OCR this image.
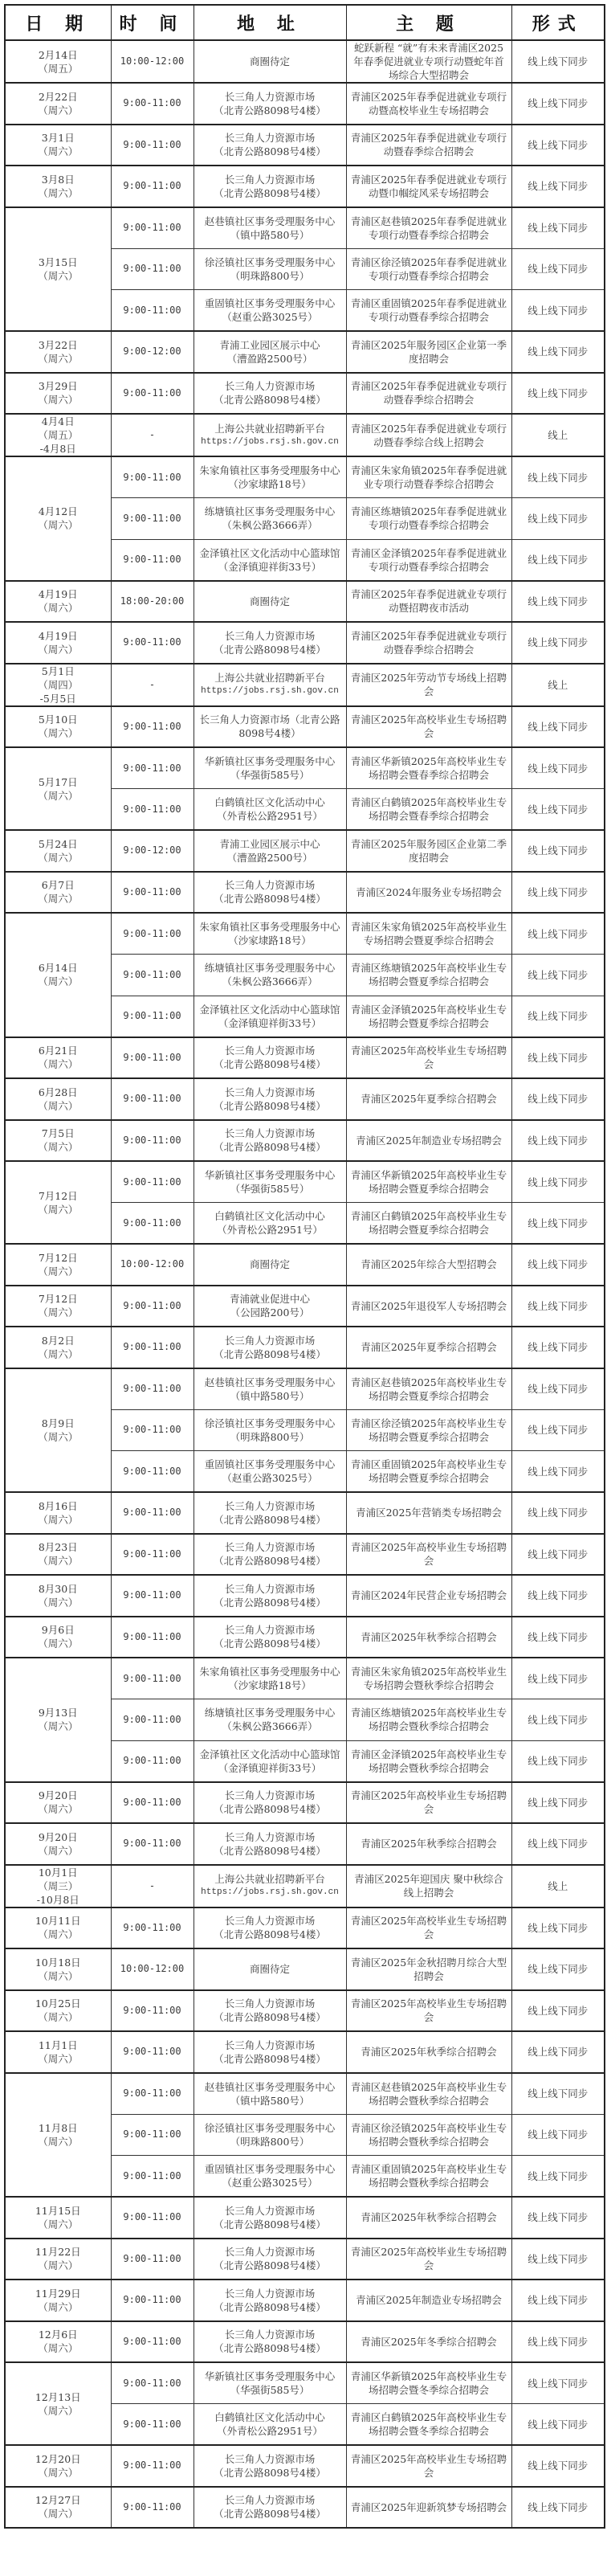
日 期	时 间	地 址	主 题	形式

2月14日
（周五）	10:00-12:00	商圈待定	蛇跃新程 “就”有未来青浦区2025年春季促进就业专项行动暨蛇年首场综合大型招聘会	线上线下同步

2月22日
（周六）	9:00-11:00	长三角人力资源市场
（北青公路8098号4楼）	青浦区2025年春季促进就业专项行动暨高校毕业生专场招聘会	线上线下同步

3月1日
（周六）	9:00-11:00	长三角人力资源市场
（北青公路8098号4楼）	青浦区2025年春季促进就业专项行动暨春季综合招聘会	线上线下同步

3月8日
（周六）	9:00-11:00	长三角人力资源市场
（北青公路8098号4楼）	青浦区2025年春季促进就业专项行动暨巾帼绽风采专场招聘会	线上线下同步

3月15日
（周六）	9:00-11:00	赵巷镇社区事务受理服务中心
（镇中路580号）	青浦区赵巷镇2025年春季促进就业专项行动暨春季综合招聘会	线上线下同步
	9:00-11:00	徐泾镇社区事务受理服务中心
（明珠路800号）	青浦区徐泾镇2025年春季促进就业专项行动暨春季综合招聘会	线上线下同步
	9:00-11:00	重固镇社区事务受理服务中心
（赵重公路3025号）	青浦区重固镇2025年春季促进就业专项行动暨春季综合招聘会	线上线下同步

3月22日
（周六）	9:00-12:00	青浦工业园区展示中心
（漕盈路2500号）	青浦区2025年服务园区企业第一季度招聘会	线上线下同步

3月29日
（周六）	9:00-11:00	长三角人力资源市场
（北青公路8098号4楼）	青浦区2025年春季促进就业专项行动暨春季综合招聘会	线上线下同步

4月4日
（周五）
-4月8日	-	上海公共就业招聘新平台
https://jobs.rsj.sh.gov.cn	青浦区2025年春季促进就业专项行动暨春季综合线上招聘会	线上

4月12日
（周六）	9:00-11:00	朱家角镇社区事务受理服务中心
（沙家埭路18号）	青浦区朱家角镇2025年春季促进就业专项行动暨春季综合招聘会	线上线下同步
	9:00-11:00	练塘镇社区事务受理服务中心
（朱枫公路3666弄）	青浦区练塘镇2025年春季促进就业专项行动暨春季综合招聘会	线上线下同步
	9:00-11:00	金泽镇社区文化活动中心篮球馆
（金泽镇迎祥街33号）	青浦区金泽镇2025年春季促进就业专项行动暨春季综合招聘会	线上线下同步

4月19日
（周六）	18:00-20:00	商圈待定	青浦区2025年春季促进就业专项行动暨招聘夜市活动	线上线下同步

4月19日
（周六）	9:00-11:00	长三角人力资源市场
（北青公路8098号4楼）	青浦区2025年春季促进就业专项行动暨春季综合招聘会	线上线下同步

5月1日
（周四）
-5月5日	-	上海公共就业招聘新平台
https://jobs.rsj.sh.gov.cn	青浦区2025年劳动节专场线上招聘会	线上

5月10日
（周六）	9:00-11:00	长三角人力资源市场（北青公路8098号4楼）	青浦区2025年高校毕业生专场招聘会	线上线下同步

5月17日
（周六）	9:00-11:00	华新镇社区事务受理服务中心
（华强街585号）	青浦区华新镇2025年高校毕业生专场招聘会暨春季综合招聘会	线上线下同步
	9:00-11:00	白鹤镇社区文化活动中心
（外青松公路2951号）	青浦区白鹤镇2025年高校毕业生专场招聘会暨春季综合招聘会	线上线下同步

5月24日
（周六）	9:00-12:00	青浦工业园区展示中心
（漕盈路2500号）	青浦区2025年服务园区企业第二季度招聘会	线上线下同步

6月7日
（周六）	9:00-11:00	长三角人力资源市场
（北青公路8098号4楼）	青浦区2024年服务业专场招聘会	线上线下同步

6月14日
（周六）	9:00-11:00	朱家角镇社区事务受理服务中心
（沙家埭路18号）	青浦区朱家角镇2025年高校毕业生专场招聘会暨夏季综合招聘会	线上线下同步
	9:00-11:00	练塘镇社区事务受理服务中心
（朱枫公路3666弄）	青浦区练塘镇2025年高校毕业生专场招聘会暨夏季综合招聘会	线上线下同步
	9:00-11:00	金泽镇社区文化活动中心篮球馆
（金泽镇迎祥街33号）	青浦区金泽镇2025年高校毕业生专场招聘会暨夏季综合招聘会	线上线下同步

6月21日
（周六）	9:00-11:00	长三角人力资源市场
（北青公路8098号4楼）	青浦区2025年高校毕业生专场招聘会	线上线下同步

6月28日
（周六）	9:00-11:00	长三角人力资源市场
（北青公路8098号4楼）	青浦区2025年夏季综合招聘会	线上线下同步

7月5日
（周六）	9:00-11:00	长三角人力资源市场
（北青公路8098号4楼）	青浦区2025年制造业专场招聘会	线上线下同步

7月12日
（周六）	9:00-11:00	华新镇社区事务受理服务中心
（华强街585号）	青浦区华新镇2025年高校毕业生专场招聘会暨夏季综合招聘会	线上线下同步
	9:00-11:00	白鹤镇社区文化活动中心
（外青松公路2951号）	青浦区白鹤镇2025年高校毕业生专场招聘会暨夏季综合招聘会	线上线下同步

7月12日
（周六）	10:00-12:00	商圈待定	青浦区2025年综合大型招聘会	线上线下同步

7月12日
（周六）	9:00-11:00	青浦就业促进中心
（公园路200号）	青浦区2025年退役军人专场招聘会	线上线下同步

8月2日
（周六）	9:00-11:00	长三角人力资源市场
（北青公路8098号4楼）	青浦区2025年夏季综合招聘会	线上线下同步

8月9日
（周六）	9:00-11:00	赵巷镇社区事务受理服务中心
（镇中路580号）	青浦区赵巷镇2025年高校毕业生专场招聘会暨夏季综合招聘会	线上线下同步
	9:00-11:00	徐泾镇社区事务受理服务中心
（明珠路800号）	青浦区徐泾镇2025年高校毕业生专场招聘会暨夏季综合招聘会	线上线下同步
	9:00-11:00	重固镇社区事务受理服务中心
（赵重公路3025号）	青浦区重固镇2025年高校毕业生专场招聘会暨夏季综合招聘会	线上线下同步

8月16日
（周六）	9:00-11:00	长三角人力资源市场
（北青公路8098号4楼）	青浦区2025年营销类专场招聘会	线上线下同步

8月23日
（周六）	9:00-11:00	长三角人力资源市场
（北青公路8098号4楼）	青浦区2025年高校毕业生专场招聘会	线上线下同步

8月30日
（周六）	9:00-11:00	长三角人力资源市场
（北青公路8098号4楼）	青浦区2024年民营企业专场招聘会	线上线下同步

9月6日
（周六）	9:00-11:00	长三角人力资源市场
（北青公路8098号4楼）	青浦区2025年秋季综合招聘会	线上线下同步

9月13日
（周六）	9:00-11:00	朱家角镇社区事务受理服务中心
（沙家埭路18号）	青浦区朱家角镇2025年高校毕业生专场招聘会暨秋季综合招聘会	线上线下同步
	9:00-11:00	练塘镇社区事务受理服务中心
（朱枫公路3666弄）	青浦区练塘镇2025年高校毕业生专场招聘会暨秋季综合招聘会	线上线下同步
	9:00-11:00	金泽镇社区文化活动中心篮球馆
（金泽镇迎祥街33号）	青浦区金泽镇2025年高校毕业生专场招聘会暨秋季综合招聘会	线上线下同步

9月20日
（周六）	9:00-11:00	长三角人力资源市场
（北青公路8098号4楼）	青浦区2025年高校毕业生专场招聘会	线上线下同步

9月20日
（周六）	9:00-11:00	长三角人力资源市场
（北青公路8098号4楼）	青浦区2025年秋季综合招聘会	线上线下同步

10月1日
（周三）
-10月8日	-	上海公共就业招聘新平台
https://jobs.rsj.sh.gov.cn	青浦区2025年迎国庆 聚中秋综合线上招聘会	线上

10月11日
（周六）	9:00-11:00	长三角人力资源市场
（北青公路8098号4楼）	青浦区2025年高校毕业生专场招聘会	线上线下同步

10月18日
（周六）	10:00-12:00	商圈待定	青浦区2025年金秋招聘月综合大型招聘会	线上线下同步

10月25日
（周六）	9:00-11:00	长三角人力资源市场
（北青公路8098号4楼）	青浦区2025年高校毕业生专场招聘会	线上线下同步

11月1日
（周六）	9:00-11:00	长三角人力资源市场
（北青公路8098号4楼）	青浦区2025年秋季综合招聘会	线上线下同步

11月8日
（周六）	9:00-11:00	赵巷镇社区事务受理服务中心
（镇中路580号）	青浦区赵巷镇2025年高校毕业生专场招聘会暨秋季综合招聘会	线上线下同步
	9:00-11:00	徐泾镇社区事务受理服务中心
（明珠路800号）	青浦区徐泾镇2025年高校毕业生专场招聘会暨秋季综合招聘会	线上线下同步
	9:00-11:00	重固镇社区事务受理服务中心
（赵重公路3025号）	青浦区重固镇2025年高校毕业生专场招聘会暨秋季综合招聘会	线上线下同步

11月15日
（周六）	9:00-11:00	长三角人力资源市场
（北青公路8098号4楼）	青浦区2025年秋季综合招聘会	线上线下同步

11月22日
（周六）	9:00-11:00	长三角人力资源市场
（北青公路8098号4楼）	青浦区2025年高校毕业生专场招聘会	线上线下同步

11月29日
（周六）	9:00-11:00	长三角人力资源市场
（北青公路8098号4楼）	青浦区2025年制造业专场招聘会	线上线下同步

12月6日
（周六）	9:00-11:00	长三角人力资源市场
（北青公路8098号4楼）	青浦区2025年冬季综合招聘会	线上线下同步

12月13日
（周六）	9:00-11:00	华新镇社区事务受理服务中心
（华强街585号）	青浦区华新镇2025年高校毕业生专场招聘会暨冬季综合招聘会	线上线下同步
	9:00-11:00	白鹤镇社区文化活动中心
（外青松公路2951号）	青浦区白鹤镇2025年高校毕业生专场招聘会暨冬季综合招聘会	线上线下同步

12月20日
（周六）	9:00-11:00	长三角人力资源市场
（北青公路8098号4楼）	青浦区2025年高校毕业生专场招聘会	线上线下同步

12月27日
（周六）	9:00-11:00	长三角人力资源市场
（北青公路8098号4楼）	青浦区2025年迎新筑梦专场招聘会	线上线下同步
